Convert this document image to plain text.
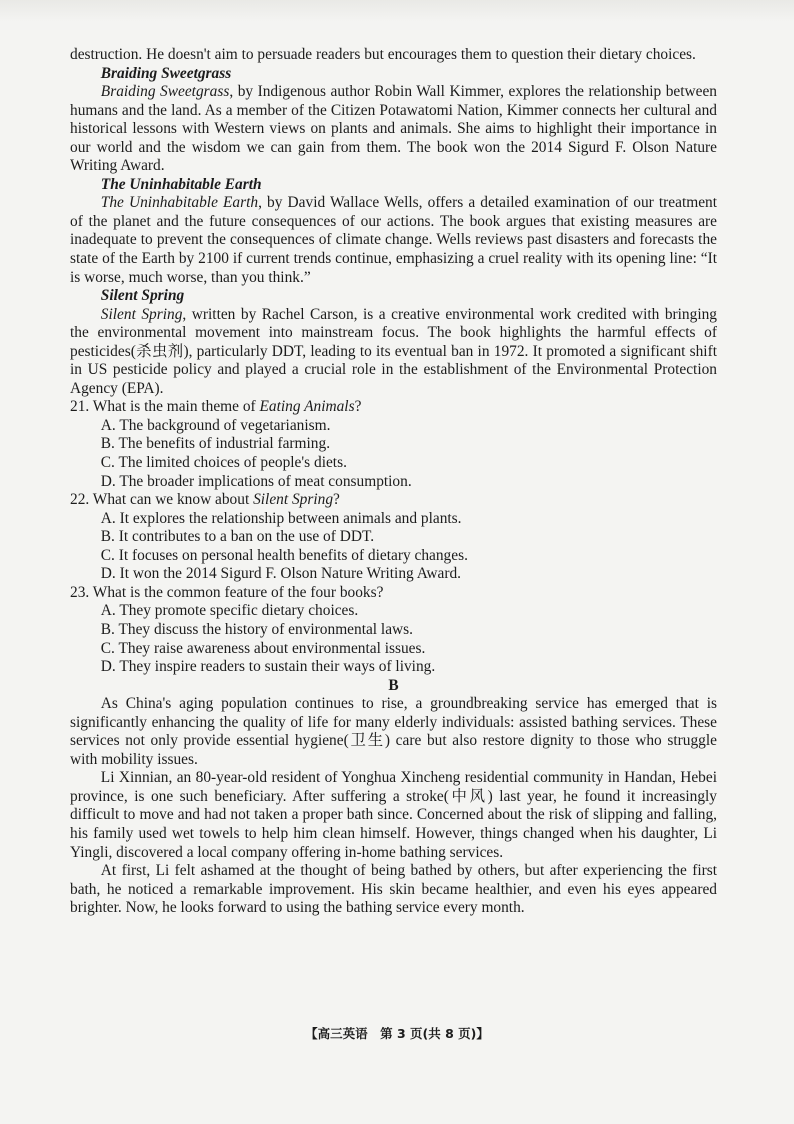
destruction. He doesn't aim to persuade readers but encourages them to question their dietary choices.

Braiding Sweetgrass

Braiding Sweetgrass, by Indigenous author Robin Wall Kimmer, explores the relationship between humans and the land. As a member of the Citizen Potawatomi Nation, Kimmer connects her cultural and historical lessons with Western views on plants and animals. She aims to highlight their importance in our world and the wisdom we can gain from them. The book won the 2014 Sigurd F. Olson Nature Writing Award.

The Uninhabitable Earth

The Uninhabitable Earth, by David Wallace Wells, offers a detailed examination of our treatment of the planet and the future consequences of our actions. The book argues that existing measures are inadequate to prevent the consequences of climate change. Wells reviews past disasters and forecasts the state of the Earth by 2100 if current trends continue, emphasizing a cruel reality with its opening line: “It is worse, much worse, than you think.”

Silent Spring

Silent Spring, written by Rachel Carson, is a creative environmental work credited with bringing the environmental movement into mainstream focus. The book highlights the harmful effects of pesticides(杀虫剂), particularly DDT, leading to its eventual ban in 1972. It promoted a significant shift in US pesticide policy and played a crucial role in the establishment of the Environmental Protection Agency (EPA).

21. What is the main theme of Eating Animals?

A. The background of vegetarianism.

B. The benefits of industrial farming.

C. The limited choices of people's diets.

D. The broader implications of meat consumption.

22. What can we know about Silent Spring?

A. It explores the relationship between animals and plants.

B. It contributes to a ban on the use of DDT.

C. It focuses on personal health benefits of dietary changes.

D. It won the 2014 Sigurd F. Olson Nature Writing Award.

23. What is the common feature of the four books?

A. They promote specific dietary choices.

B. They discuss the history of environmental laws.

C. They raise awareness about environmental issues.

D. They inspire readers to sustain their ways of living.

B

As China's aging population continues to rise, a groundbreaking service has emerged that is significantly enhancing the quality of life for many elderly individuals: assisted bathing services. These services not only provide essential hygiene(卫生) care but also restore dignity to those who struggle with mobility issues.

Li Xinnian, an 80-year-old resident of Yonghua Xincheng residential community in Handan, Hebei province, is one such beneficiary. After suffering a stroke(中风) last year, he found it increasingly difficult to move and had not taken a proper bath since. Concerned about the risk of slipping and falling, his family used wet towels to help him clean himself. However, things changed when his daughter, Li Yingli, discovered a local company offering in-home bathing services.

At first, Li felt ashamed at the thought of being bathed by others, but after experiencing the first bath, he noticed a remarkable improvement. His skin became healthier, and even his eyes appeared brighter. Now, he looks forward to using the bathing service every month.

【高三英语　第 3 页(共 8 页)】
